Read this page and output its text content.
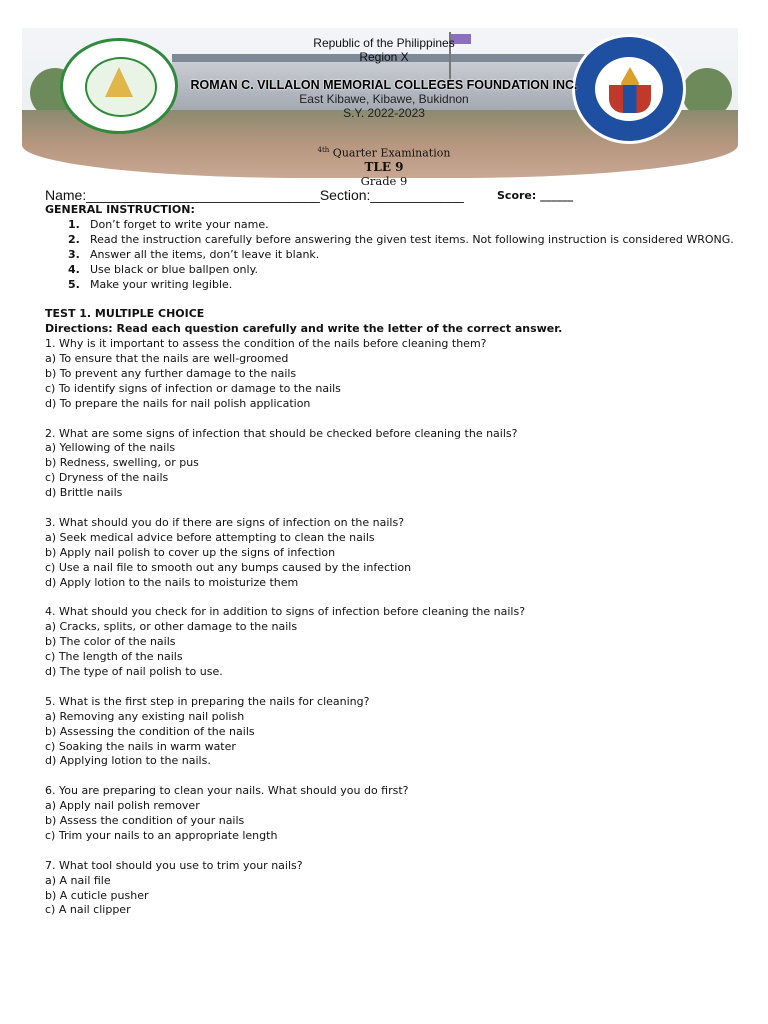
Republic of the Philippines
Region X
ROMAN C. VILLALON MEMORIAL COLLEGES FOUNDATION INC.
East Kibawe, Kibawe, Bukidnon
S.Y. 2022-2023
$^{4th}$ Quarter Examination
TLE 9
Grade 9
Name:______________________________Section:____________	Score: ______
GENERAL INSTRUCTION:
1. Don’t forget to write your name.
2. Read the instruction carefully before answering the given test items. Not following instruction is considered WRONG.
3. Answer all the items, don’t leave it blank.
4. Use black or blue ballpen only.
5. Make your writing legible.
TEST 1. MULTIPLE CHOICE
Directions: Read each question carefully and write the letter of the correct answer.
1. Why is it important to assess the condition of the nails before cleaning them?
a) To ensure that the nails are well-groomed
b) To prevent any further damage to the nails
c) To identify signs of infection or damage to the nails
d) To prepare the nails for nail polish application
2. What are some signs of infection that should be checked before cleaning the nails?
a) Yellowing of the nails
b) Redness, swelling, or pus
c) Dryness of the nails
d) Brittle nails
3. What should you do if there are signs of infection on the nails?
a) Seek medical advice before attempting to clean the nails
b) Apply nail polish to cover up the signs of infection
c) Use a nail file to smooth out any bumps caused by the infection
d) Apply lotion to the nails to moisturize them
4. What should you check for in addition to signs of infection before cleaning the nails?
a) Cracks, splits, or other damage to the nails
b) The color of the nails
c) The length of the nails
d) The type of nail polish to use.
5. What is the first step in preparing the nails for cleaning?
a) Removing any existing nail polish
b) Assessing the condition of the nails
c) Soaking the nails in warm water
d) Applying lotion to the nails.
6. You are preparing to clean your nails. What should you do first?
a) Apply nail polish remover
b) Assess the condition of your nails
c) Trim your nails to an appropriate length
7. What tool should you use to trim your nails?
a) A nail file
b) A cuticle pusher
c) A nail clipper
